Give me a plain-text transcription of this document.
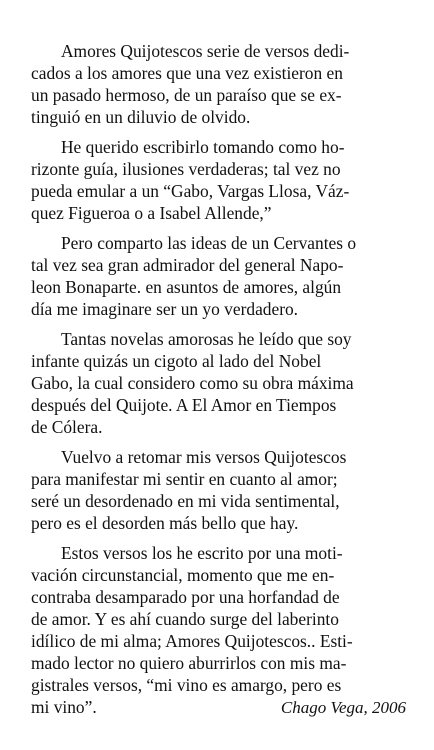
Amores Quijotescos serie de versos dedi-
cados a los amores que una vez existieron en
un pasado hermoso, de un paraíso que se ex-
tinguió en un diluvio de olvido.

He querido escribirlo tomando como ho-
rizonte guía, ilusiones verdaderas; tal vez no
pueda emular a un “Gabo, Vargas Llosa, Váz-
quez Figueroa o a Isabel Allende,”

Pero comparto las ideas de un Cervantes o
tal vez sea gran admirador del general Napo-
leon Bonaparte. en asuntos de amores, algún
día me imaginare ser un yo verdadero.

Tantas novelas amorosas he leído que soy
infante quizás un cigoto al lado del Nobel
Gabo, la cual considero como su obra máxima
después del Quijote. A El Amor en Tiempos
de Cólera.

Vuelvo a retomar mis versos Quijotescos
para manifestar mi sentir en cuanto al amor;
seré un desordenado en mi vida sentimental,
pero es el desorden más bello que hay.

Estos versos los he escrito por una moti-
vación circunstancial, momento que me en-
contraba desamparado por una horfandad de
de amor. Y es ahí cuando surge del laberinto
idílico de mi alma; Amores Quijotescos.. Esti-
mado lector no quiero aburrirlos con mis ma-
gistrales versos, “mi vino es amargo, pero es
mi vino”.	Chago Vega, 2006
